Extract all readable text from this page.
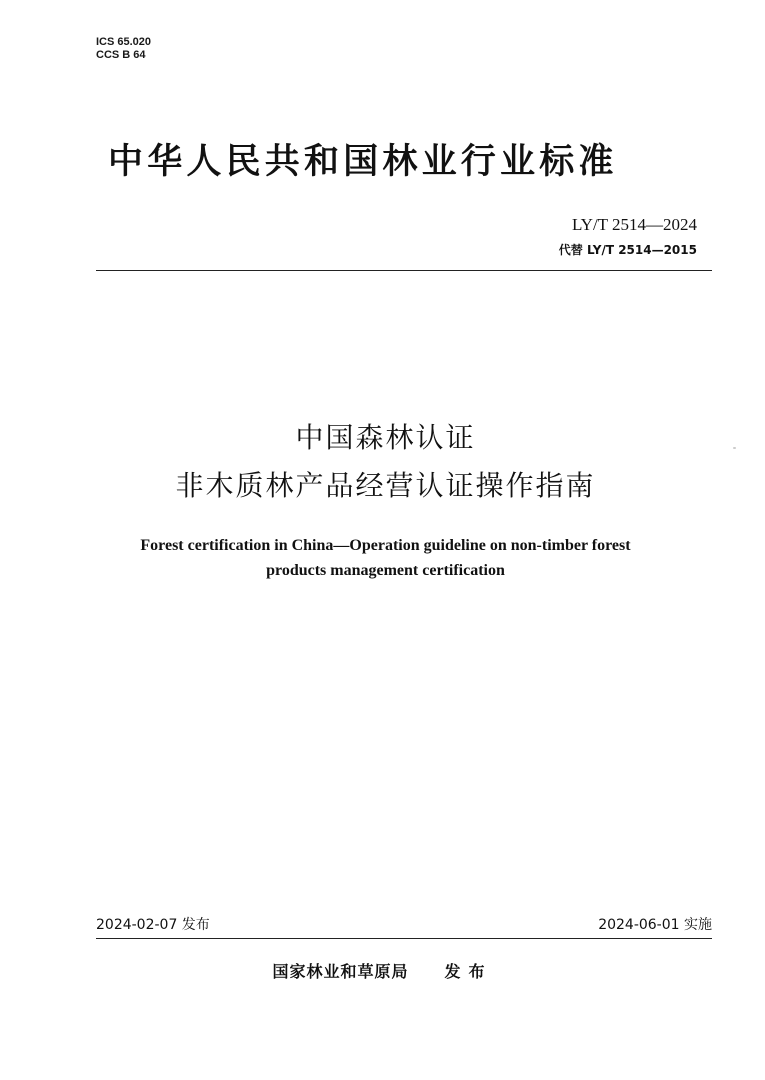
ICS 65.020
CCS B 64
中华人民共和国林业行业标准
LY/T 2514—2024
代替 LY/T 2514—2015
中国森林认证
非木质林产品经营认证操作指南
Forest certification in China—Operation guideline on non-timber forest
products management certification
2024-02-07 发布	2024-06-01 实施
国家林业和草原局 发布
